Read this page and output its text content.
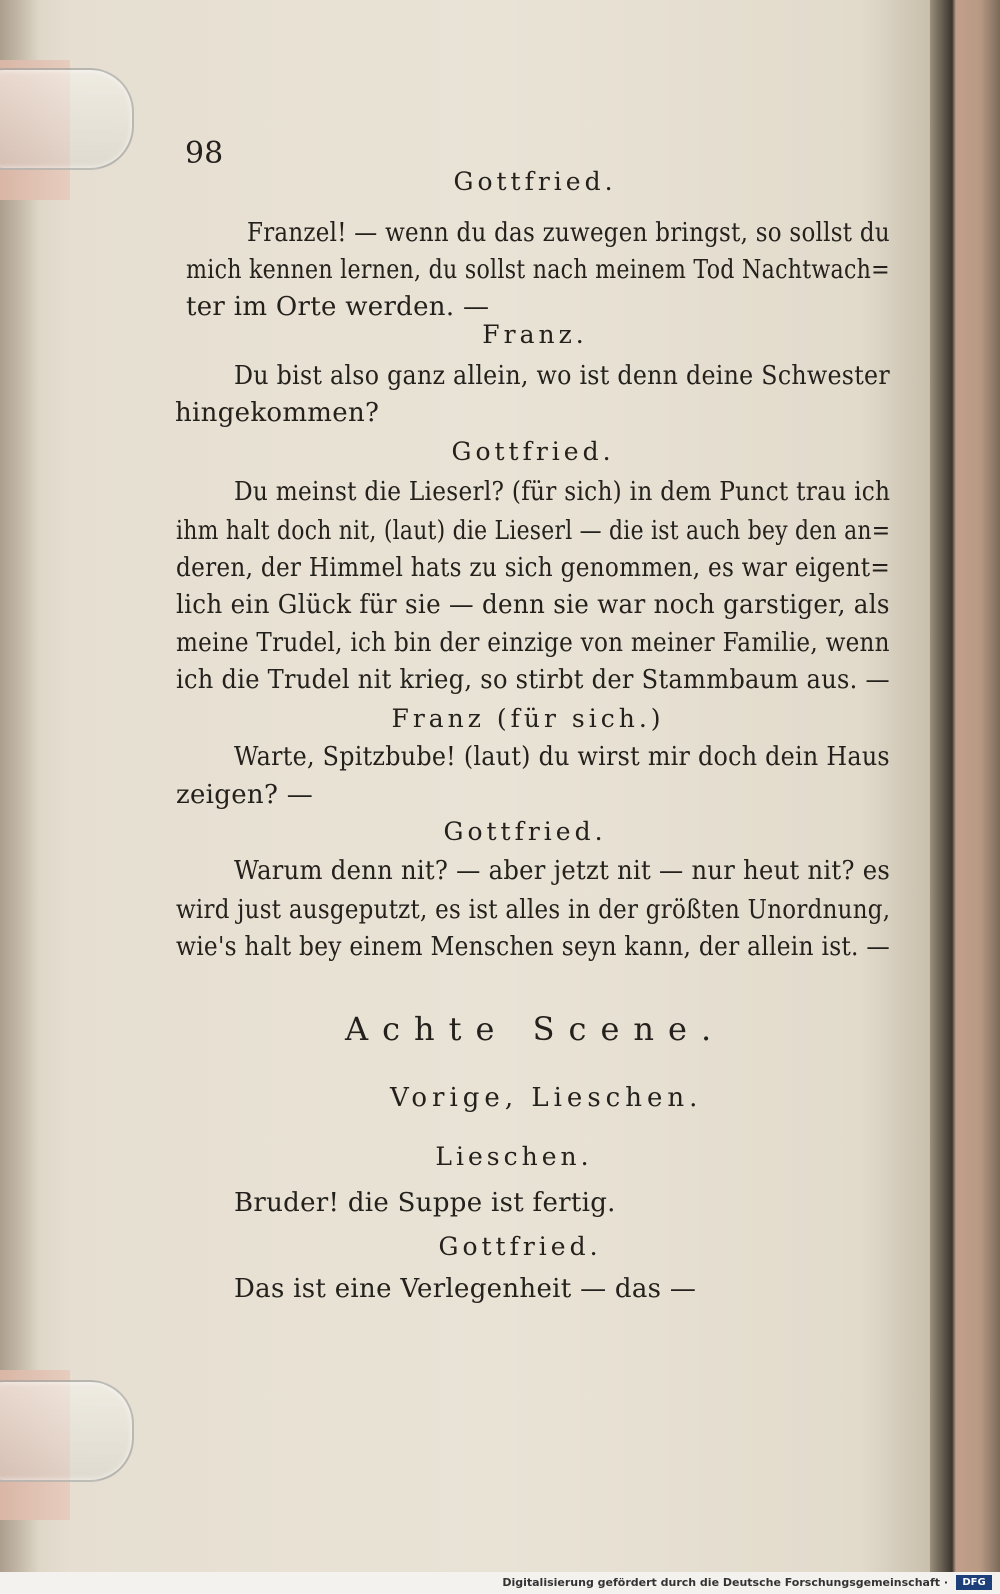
98
Gottfried.
Franzel! — wenn du das zuwegen bringst, so sollst du
mich kennen lernen, du sollst nach meinem Tod Nachtwach=
ter im Orte werden. —
Franz.
Du bist also ganz allein, wo ist denn deine Schwester
hingekommen?
Gottfried.
Du meinst die Lieserl? (für sich) in dem Punct trau ich
ihm halt doch nit, (laut) die Lieserl — die ist auch bey den an=
deren, der Himmel hats zu sich genommen, es war eigent=
lich ein Glück für sie — denn sie war noch garstiger, als
meine Trudel, ich bin der einzige von meiner Familie, wenn
ich die Trudel nit krieg, so stirbt der Stammbaum aus. —
Franz (für sich.)
Warte, Spitzbube! (laut) du wirst mir doch dein Haus
zeigen? —
Gottfried.
Warum denn nit? — aber jetzt nit — nur heut nit? es
wird just ausgeputzt, es ist alles in der größten Unordnung,
wie's halt bey einem Menschen seyn kann, der allein ist. —
Achte Scene.
Vorige, Lieschen.
Lieschen.
Bruder! die Suppe ist fertig.
Gottfried.
Das ist eine Verlegenheit — das —
Digitalisierung gefördert durch die Deutsche Forschungsgemeinschaft ·	DFG
